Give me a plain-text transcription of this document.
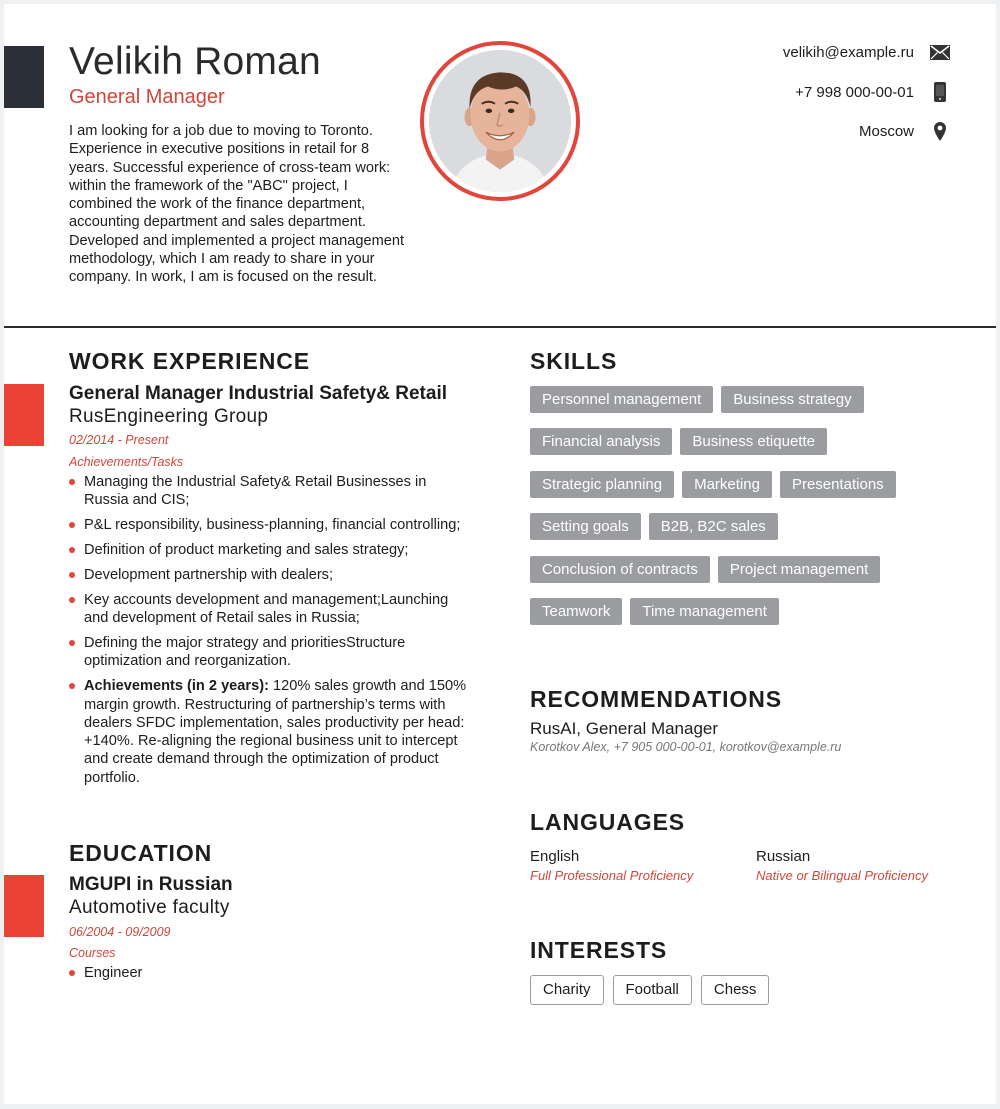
Velikih Roman
General Manager
I am looking for a job due to moving to Toronto. Experience in executive positions in retail for 8 years. Successful experience of cross-team work: within the framework of the "ABC" project, I combined the work of the finance department, accounting department and sales department. Developed and implemented a project management methodology, which I am ready to share in your company. In work, I am is focused on the result.
velikih@example.ru
+7 998 000-00-01
Moscow
WORK EXPERIENCE
General Manager Industrial Safety& Retail
RusEngineering Group
02/2014 - Present
Achievements/Tasks
Managing the Industrial Safety& Retail Businesses in Russia and CIS;
P&L responsibility, business-planning, financial controlling;
Definition of product marketing and sales strategy;
Development partnership with dealers;
Key accounts development and management;Launching and development of Retail sales in Russia;
Defining the major strategy and prioritiesStructure optimization and reorganization.
Achievements (in 2 years): 120% sales growth and 150% margin growth. Restructuring of partnership’s terms with dealers SFDC implementation, sales productivity per head: +140%. Re-aligning the regional business unit to intercept and create demand through the optimization of product portfolio.
EDUCATION
MGUPI in Russian
Automotive faculty
06/2004 - 09/2009
Courses
Engineer
SKILLS
Personnel management	Business strategy
Financial analysis	Business etiquette
Strategic planning	Marketing	Presentations
Setting goals	B2B, B2C sales
Conclusion of contracts	Project management
Teamwork	Time management
RECOMMENDATIONS
RusAI, General Manager
Korotkov Alex, +7 905 000-00-01, korotkov@example.ru
LANGUAGES
English
Full Professional Proficiency
Russian
Native or Bilingual Proficiency
INTERESTS
Charity	Football	Chess
